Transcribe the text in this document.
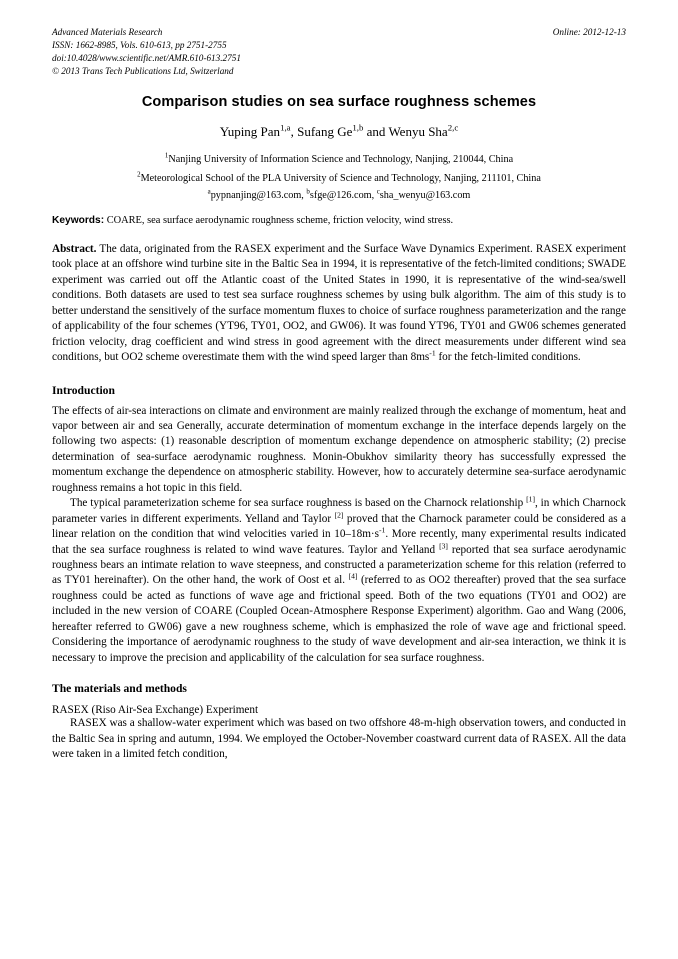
Advanced Materials Research
ISSN: 1662-8985, Vols. 610-613, pp 2751-2755
doi:10.4028/www.scientific.net/AMR.610-613.2751
© 2013 Trans Tech Publications Ltd, Switzerland
Online: 2012-12-13
Comparison studies on sea surface roughness schemes
Yuping Pan$^{1,a}$, Sufang Ge$^{1,b}$ and Wenyu Sha$^{2,c}$
$^1$Nanjing University of Information Science and Technology, Nanjing, 210044, China
$^2$Meteorological School of the PLA University of Science and Technology, Nanjing, 211101, China
$^a$pypnanjing@163.com, $^b$sfge@126.com, $^c$sha_wenyu@163.com
Keywords: COARE, sea surface aerodynamic roughness scheme, friction velocity, wind stress.
Abstract. The data, originated from the RASEX experiment and the Surface Wave Dynamics Experiment. RASEX experiment took place at an offshore wind turbine site in the Baltic Sea in 1994, it is representative of the fetch-limited conditions; SWADE experiment was carried out off the Atlantic coast of the United States in 1990, it is representative of the wind-sea/swell conditions. Both datasets are used to test sea surface roughness schemes by using bulk algorithm. The aim of this study is to better understand the sensitively of the surface momentum fluxes to choice of surface roughness parameterization and the range of applicability of the four schemes (YT96, TY01, OO2, and GW06). It was found YT96, TY01 and GW06 schemes generated friction velocity, drag coefficient and wind stress in good agreement with the direct measurements under different wind sea conditions, but OO2 scheme overestimate them with the wind speed larger than $8ms^{-1}$ for the fetch-limited conditions.
Introduction

The effects of air-sea interactions on climate and environment are mainly realized through the exchange of momentum, heat and vapor between air and sea Generally, accurate determination of momentum exchange in the interface depends largely on the following two aspects: (1) reasonable description of momentum exchange dependence on atmospheric stability; (2) precise determination of sea-surface aerodynamic roughness. Monin-Obukhov similarity theory has successfully expressed the momentum exchange the dependence on atmospheric stability. However, how to accurately determine sea-surface aerodynamic roughness remains a hot topic in this field.

The typical parameterization scheme for sea surface roughness is based on the Charnock relationship [1], in which Charnock parameter varies in different experiments. Yelland and Taylor [2] proved that the Charnock parameter could be considered as a linear relation on the condition that wind velocities varied in $10-18m\cdot s^{-1}$. More recently, many experimental results indicated that the sea surface roughness is related to wind wave features. Taylor and Yelland [3] reported that sea surface aerodynamic roughness bears an intimate relation to wave steepness, and constructed a parameterization scheme for this relation (referred to as TY01 hereinafter). On the other hand, the work of Oost et al. [4] (referred to as OO2 thereafter) proved that the sea surface roughness could be acted as functions of wave age and frictional speed. Both of the two equations (TY01 and OO2) are included in the new version of COARE (Coupled Ocean-Atmosphere Response Experiment) algorithm. Gao and Wang (2006, hereafter referred to GW06) gave a new roughness scheme, which is emphasized the role of wave age and frictional speed. Considering the importance of aerodynamic roughness to the study of wave development and air-sea interaction, we think it is necessary to improve the precision and applicability of the calculation for sea surface roughness.

The materials and methods
RASEX (Riso Air-Sea Exchange) Experiment

RASEX was a shallow-water experiment which was based on two offshore 48-m-high observation towers, and conducted in the Baltic Sea in spring and autumn, 1994. We employed the October-November coastward current data of RASEX. All the data were taken in a limited fetch condition,
